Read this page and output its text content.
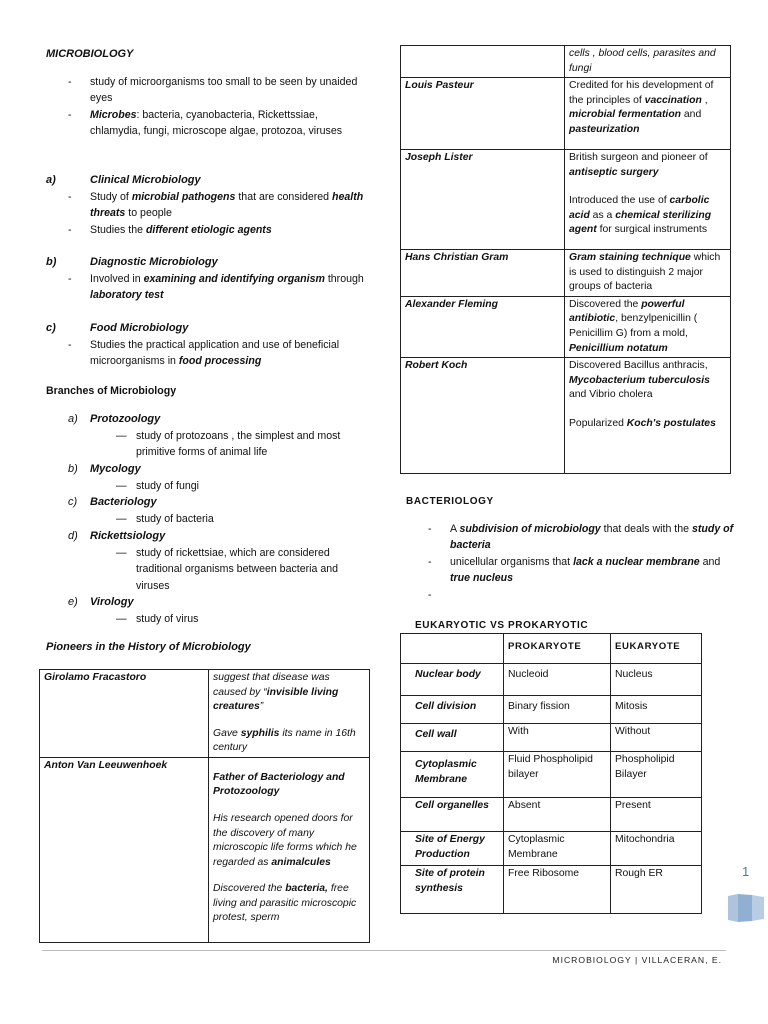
MICROBIOLOGY
- study of microorganisms too small to be seen by unaided eyes
- Microbes: bacteria, cyanobacteria, Rickettssiae, chlamydia, fungi, microscope algae, protozoa, viruses
a)	Clinical Microbiology
- Study of microbial pathogens that are considered health threats to people
- Studies the different etiologic agents
b)	Diagnostic Microbiology
- Involved in examining and identifying organism through laboratory test
c)	Food Microbiology
- Studies the practical application and use of beneficial microorganisms in food processing
Branches of Microbiology
a) Protozoology
— study of protozoans , the simplest and most primitive forms of animal life
b) Mycology
— study of fungi
c) Bacteriology
— study of bacteria
d) Rickettsiology
— study of rickettsiae, which are considered traditional organisms between bacteria and viruses
e) Virology
— study of virus
Pioneers in the History of Microbiology
Girolamo Fracastoro	suggest that disease was caused by “invisible living creatures”
Gave syphilis its name in 16th century

Anton Van Leeuwenhoek	Father of Bacteriology and Protozoology
His research opened doors for the discovery of many microscopic life forms which he regarded as animalcules
Discovered the bacteria, free living and parasitic microscopic protest, sperm
	cells , blood cells, parasites and fungi
Louis Pasteur	Credited for his development of the principles of vaccination , microbial fermentation and pasteurization
Joseph Lister	British surgeon and pioneer of antiseptic surgery
Introduced the use of carbolic acid as a chemical sterilizing agent for surgical instruments

Hans Christian Gram	Gram staining technique which is used to distinguish 2 major groups of bacteria
Alexander Fleming	Discovered the powerful antibiotic, benzylpenicillin ( Penicillim G) from a mold, Penicillium notatum
Robert Koch	Discovered Bacillus anthracis, Mycobacterium tuberculosis and Vibrio cholera
Popularized Koch's postulates
BACTERIOLOGY
- A subdivision of microbiology that deals with the study of bacteria
- unicellular organisms that lack a nuclear membrane and true nucleus
-
EUKARYOTIC VS PROKARYOTIC
	PROKARYOTE	EUKARYOTE
Nuclear body	Nucleoid	Nucleus
Cell division	Binary fission	Mitosis
Cell wall	With	Without
Cytoplasmic Membrane	Fluid Phospholipid bilayer	Phospholipid Bilayer
Cell organelles	Absent	Present
Site of Energy Production	Cytoplasmic Membrane	Mitochondria
Site of protein synthesis	Free Ribosome	Rough ER	1
MICROBIOLOGY | VILLACERAN, E.
